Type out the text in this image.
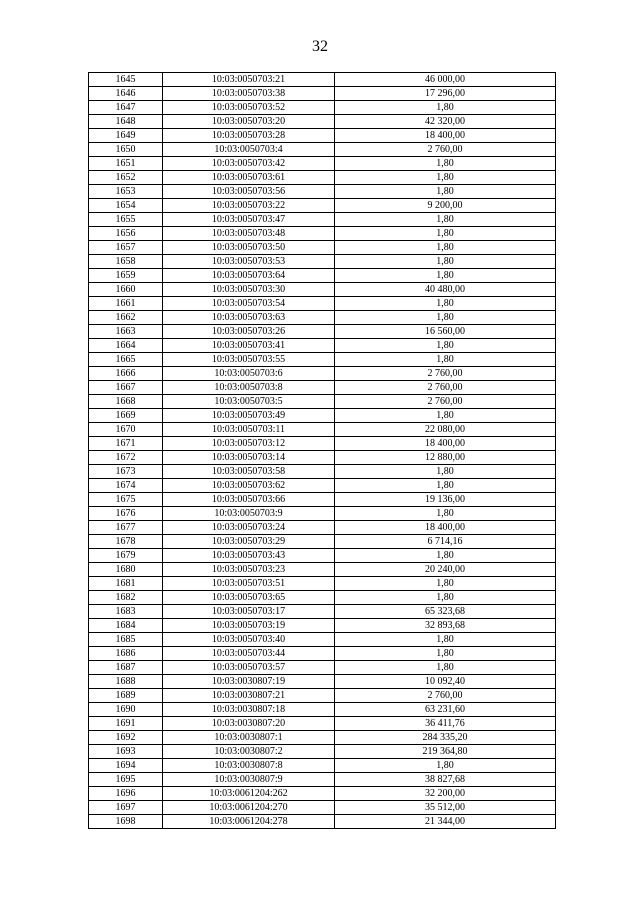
32
1645	10:03:0050703:21	46 000,00
1646	10:03:0050703:38	17 296,00
1647	10:03:0050703:52	1,80
1648	10:03:0050703:20	42 320,00
1649	10:03:0050703:28	18 400,00
1650	10:03:0050703:4	2 760,00
1651	10:03:0050703:42	1,80
1652	10:03:0050703:61	1,80
1653	10:03:0050703:56	1,80
1654	10:03:0050703:22	9 200,00
1655	10:03:0050703:47	1,80
1656	10:03:0050703:48	1,80
1657	10:03:0050703:50	1,80
1658	10:03:0050703:53	1,80
1659	10:03:0050703:64	1,80
1660	10:03:0050703:30	40 480,00
1661	10:03:0050703:54	1,80
1662	10:03:0050703:63	1,80
1663	10:03:0050703:26	16 560,00
1664	10:03:0050703:41	1,80
1665	10:03:0050703:55	1,80
1666	10:03:0050703:6	2 760,00
1667	10:03:0050703:8	2 760,00
1668	10:03:0050703:5	2 760,00
1669	10:03:0050703:49	1,80
1670	10:03:0050703:11	22 080,00
1671	10:03:0050703:12	18 400,00
1672	10:03:0050703:14	12 880,00
1673	10:03:0050703:58	1,80
1674	10:03:0050703:62	1,80
1675	10:03:0050703:66	19 136,00
1676	10:03:0050703:9	1,80
1677	10:03:0050703:24	18 400,00
1678	10:03:0050703:29	6 714,16
1679	10:03:0050703:43	1,80
1680	10:03:0050703:23	20 240,00
1681	10:03:0050703:51	1,80
1682	10:03:0050703:65	1,80
1683	10:03:0050703:17	65 323,68
1684	10:03:0050703:19	32 893,68
1685	10:03:0050703:40	1,80
1686	10:03:0050703:44	1,80
1687	10:03:0050703:57	1,80
1688	10:03:0030807:19	10 092,40
1689	10:03:0030807:21	2 760,00
1690	10:03:0030807:18	63 231,60
1691	10:03:0030807:20	36 411,76
1692	10:03:0030807:1	284 335,20
1693	10:03:0030807:2	219 364,80
1694	10:03:0030807:8	1,80
1695	10:03:0030807:9	38 827,68
1696	10:03:0061204:262	32 200,00
1697	10:03:0061204:270	35 512,00
1698	10:03:0061204:278	21 344,00
